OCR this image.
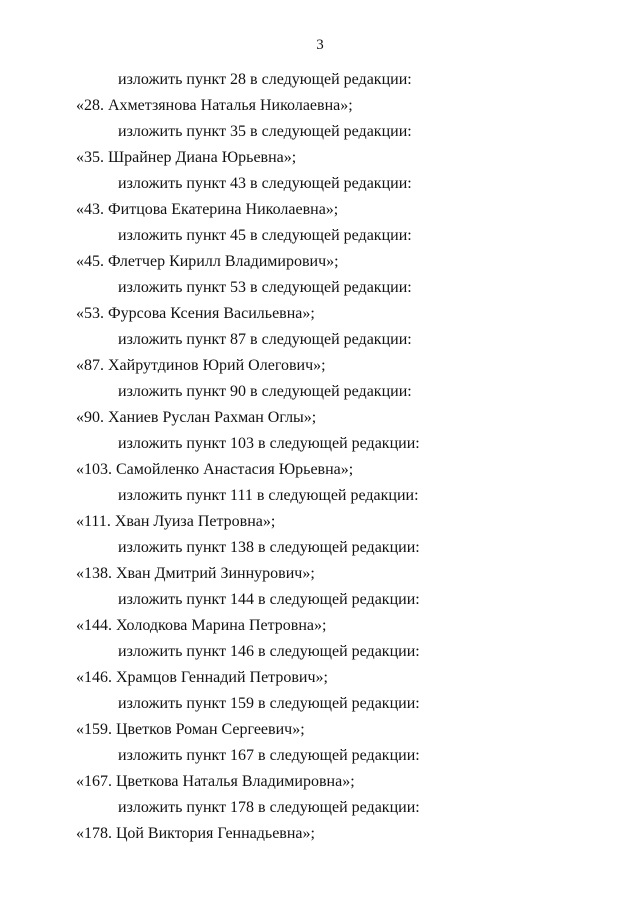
3
изложить пункт 28 в следующей редакции:
«28. Ахметзянова Наталья Николаевна»;
изложить пункт 35 в следующей редакции:
«35. Шрайнер Диана Юрьевна»;
изложить пункт 43 в следующей редакции:
«43. Фитцова Екатерина Николаевна»;
изложить пункт 45 в следующей редакции:
«45. Флетчер Кирилл Владимирович»;
изложить пункт 53 в следующей редакции:
«53. Фурсова Ксения Васильевна»;
изложить пункт 87 в следующей редакции:
«87. Хайрутдинов Юрий Олегович»;
изложить пункт 90 в следующей редакции:
«90. Ханиев Руслан Рахман Оглы»;
изложить пункт 103 в следующей редакции:
«103. Самойленко Анастасия Юрьевна»;
изложить пункт 111 в следующей редакции:
«111. Хван Луиза Петровна»;
изложить пункт 138 в следующей редакции:
«138. Хван Дмитрий Зиннурович»;
изложить пункт 144 в следующей редакции:
«144. Холодкова Марина Петровна»;
изложить пункт 146 в следующей редакции:
«146. Храмцов Геннадий Петрович»;
изложить пункт 159 в следующей редакции:
«159. Цветков Роман Сергеевич»;
изложить пункт 167 в следующей редакции:
«167. Цветкова Наталья Владимировна»;
изложить пункт 178 в следующей редакции:
«178. Цой Виктория Геннадьевна»;
